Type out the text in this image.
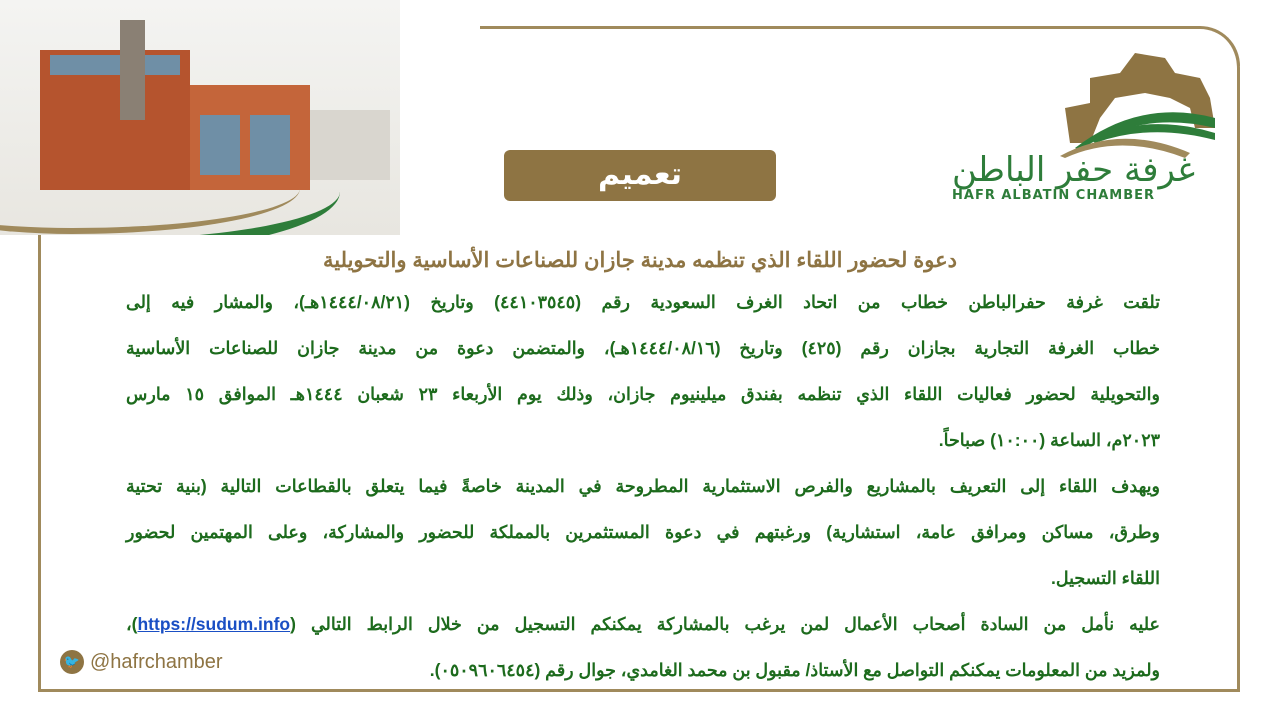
غرفة حفر الباطن
HAFR ALBATIN CHAMBER
تعميم
دعوة لحضور اللقاء الذي تنظمه مدينة جازان للصناعات الأساسية والتحويلية
تلقت غرفة حفرالباطن خطاب من اتحاد الغرف السعودية رقم (٤٤١٠٣٥٤٥) وتاريخ (١٤٤٤/٠٨/٢١هـ)، والمشار فيه إلى
خطاب الغرفة التجارية بجازان رقم (٤٢٥) وتاريخ (١٤٤٤/٠٨/١٦هـ)، والمتضمن دعوة من مدينة جازان للصناعات الأساسية
والتحويلية لحضور فعاليات اللقاء الذي تنظمه بفندق ميلينيوم جازان، وذلك يوم الأربعاء ٢٣ شعبان ١٤٤٤هـ الموافق ١٥ مارس
٢٠٢٣م، الساعة (١٠:٠٠) صباحاً.
ويهدف اللقاء إلى التعريف بالمشاريع والفرص الاستثمارية المطروحة في المدينة خاصةً فيما يتعلق بالقطاعات التالية (بنية تحتية
وطرق، مساكن ومرافق عامة، استشارية) ورغبتهم في دعوة المستثمرين بالمملكة للحضور والمشاركة، وعلى المهتمين لحضور
اللقاء التسجيل.
عليه نأمل من السادة أصحاب الأعمال لمن يرغب بالمشاركة يمكنكم التسجيل من خلال الرابط التالي (https://sudum.info)،
ولمزيد من المعلومات يمكنكم التواصل مع الأستاذ/ مقبول بن محمد الغامدي، جوال رقم (٠٥٠٩٦٠٦٤٥٤).
🐦 @hafrchamber
